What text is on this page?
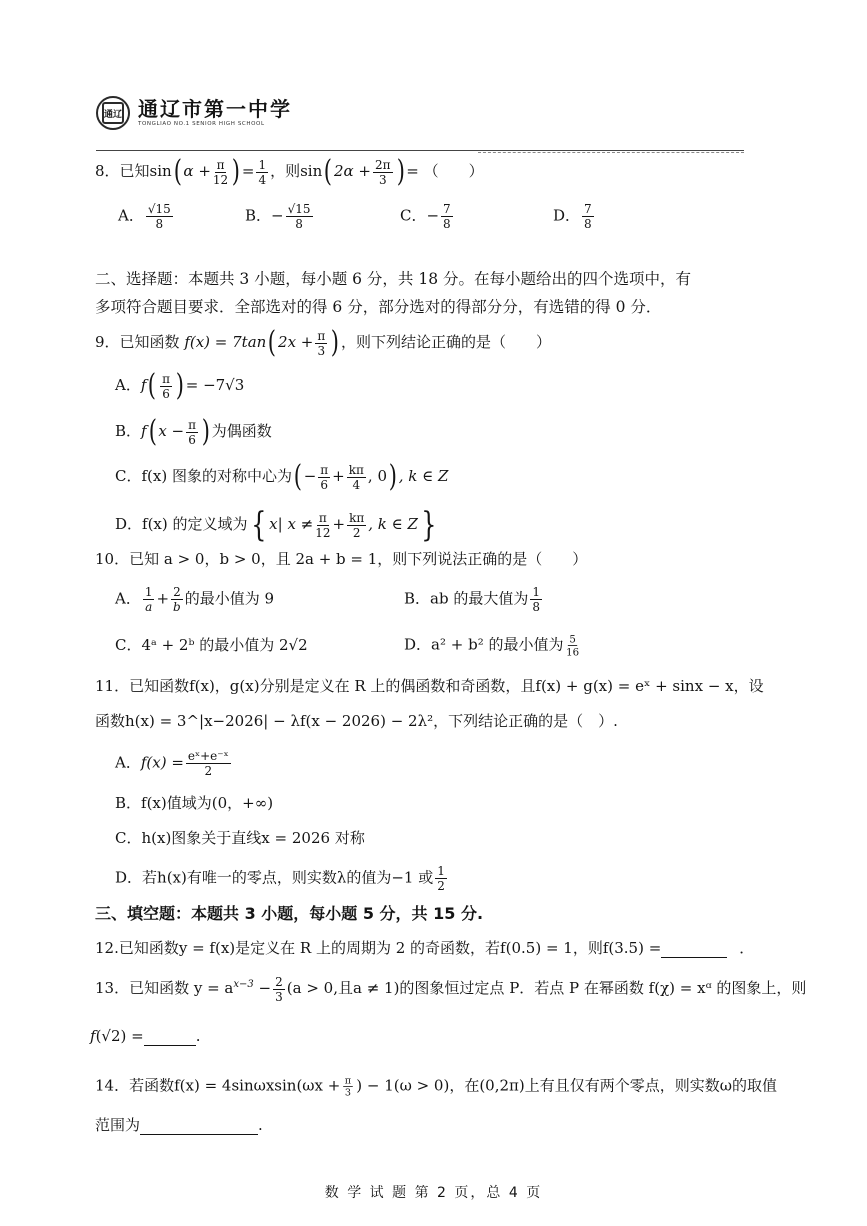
通辽 通辽市第一中学
TONGLIAO NO.1 SENIOR HIGH SCHOOL
8．已知sin( $\alpha + \frac{\pi}{12}$ ) = $\frac{1}{4}$ ，则sin( $2\alpha + \frac{2\pi}{3}$ ) = （　　）
A． $\frac{√15}{8}$	B．− $\frac{√15}{8}$	C．− $\frac{7}{8}$	D． $\frac{7}{8}$
二、选择题：本题共 3 小题，每小题 6 分，共 18 分。在每小题给出的四个选项中，有
多项符合题目要求．全部选对的得 6 分，部分选对的得部分分，有选错的得 0 分．
9．已知函数 f(x) = 7tan( $2x + \frac{\pi}{3}$ ) ，则下列结论正确的是（　　）
A．$f( \frac{\pi}{6}$ ) = −7√3
B．f( $x - \frac{\pi}{6}$ ) 为偶函数
C．f(x) 图象的对称中心为( − $\frac{\pi}{6} + \frac{k\pi}{4}$ , 0) , k ∈ Z
D．f(x) 的定义域为{ x| $x \ne \frac{\pi}{12} + \frac{k\pi}{2}$ , k ∈ Z}
10．已知 a > 0，b > 0，且 2a + b = 1，则下列说法正确的是（　　）
A． $\frac{1}{a} + \frac{2}{b}$ 的最小值为 9	B．ab 的最大值为 $\frac{1}{8}$
C．4ᵃ + 2ᵇ 的最小值为 2√2	D．a² + b² 的最小值为 $\frac{5}{16}$
11．已知函数f(x)，g(x)分别是定义在 R 上的偶函数和奇函数，且f(x) + g(x) = eˣ + sinx − x，设
函数h(x) = 3^|x−2026| − λf(x − 2026) − 2λ²，下列结论正确的是（　）.
A．$f(x) = \frac{\text{eˣ+e⁻ˣ}}{2}$
B．f(x)值域为(0，+∞)
C．h(x)图象关于直线x = 2026 对称
D．若h(x)有唯一的零点，则实数λ的值为−1 或 $\frac{1}{2}$
三、填空题：本题共 3 小题，每小题 5 分，共 15 分.
12.已知函数y = f(x)是定义在 R 上的周期为 2 的奇函数，若f(0.5) = 1，则f(3.5) =	．
13．已知函数 $y = a^{x-3} - \frac{2}{3} (a > 0$,且a ≠ 1)的图象恒过定点 P．若点 P 在幂函数 f(χ) = xᵅ 的图象上，则
f(√2) =	.
14．若函数$f(x) = 4\sin\omega xsin(\omega x + \frac{\pi}{3}$ ) − 1(ω > 0)，在(0,2π)上有且仅有两个零点，则实数ω的取值
范围为	.
数 学 试 题 第 2 页，总 4 页
